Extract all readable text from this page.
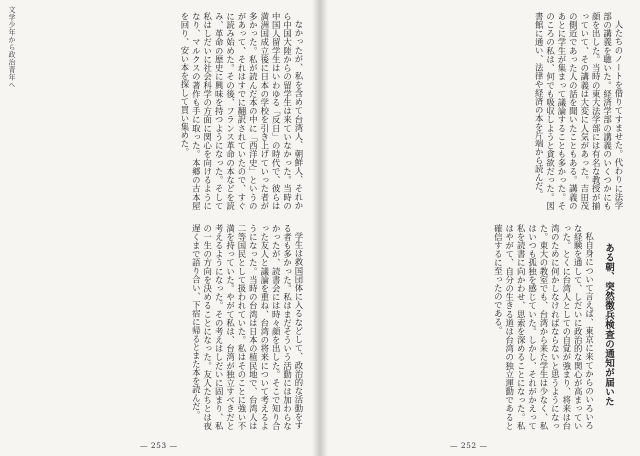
文学少年から政治青年へ	なかったが、私を含めて台湾人、朝鮮人、それから中国大陸からの留学生は来ていなかった。当時の中国人留学生はいわゆる「反日」の時代で、彼らは満洲国成立後に日本の学校を引き上げていった者が多かった。私が読んだ本の中に「西洋史」というのがあって、それはすでに翻訳されていたので、すぐに読み始めた。その後、フランス革命の本などを読み、革命の歴史に興味を持つようになった。そして私はしだいに社会科学の方面に関心を向けるようになり、マルクスの著作も手に取った。本郷の古本屋を回り、安い本を探して買い集めた。

学生は救国団体に入るなどして、政治的な活動をする者も多かった。私はまだそういう活動には加わらなかったが、読書会には時々顔を出した。そこで知り合った友人と議論を重ね、台湾の将来について考えるようになった。当時の台湾は日本の植民地で、台湾人は二等国民として扱われていた。私はそのことに強い不満を持っていた。やがて私は、台湾が独立すべきだと考えるようになった。その考えはしだいに固まり、私の一生の方向を決めることになった。友人たちとは夜遅くまで語り合い、下宿に帰るとまた本を読んだ。

— 253 —

人たちのノートを借りてすませた。代わりに法学部の講義を聴いた。経済学部の講義のいくつかにも顔を出した。当時の東大法学部には有名な教授が揃っていて、その講義は大変に人気があった。吉田茂の側近であった人の話を聞いたこともある。講義のあとに学生が集まって議論することも多かった。そのころの私は、何でも吸収しようと貪欲だった。図書館に通い、法律や経済の本を片端から読んだ。

ある朝、突然徴兵検査の通知が届いた

私自身について言えば、東京に来てからのいろいろな経験を通して、しだいに政治的な関心が高まっていった。とくに台湾人としての自覚が強まり、将来は台湾のために何かしなければならないと思うようになった。東大の教室でも、台湾から来た学生は少なく、私はいつも孤独を感じていた。しかし、それがかえって私を読書に向かわせ、思索を深めることになった。私はやがて、自分の生きる道は台湾の独立運動であると確信するに至ったのである。

— 252 —
